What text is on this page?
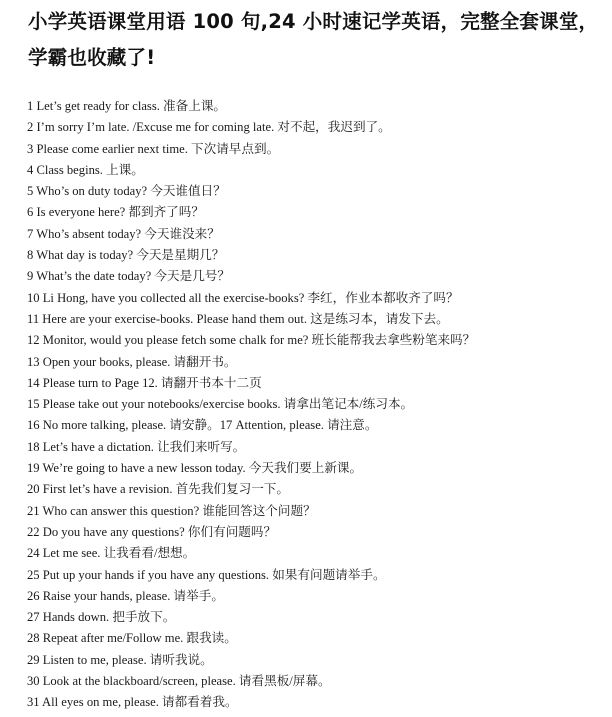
小学英语课堂用语 100 句,24 小时速记学英语，完整全套课堂，
学霸也收藏了!
1 Let’s get ready for class. 准备上课。
2 I’m sorry I’m late. /Excuse me for coming late. 对不起，我迟到了。
3 Please come earlier next time. 下次请早点到。
4 Class begins. 上课。
5 Who’s on duty today? 今天谁值日？
6 Is everyone here? 都到齐了吗？
7 Who’s absent today? 今天谁没来？
8 What day is today? 今天是星期几？
9 What’s the date today? 今天是几号？
10 Li Hong, have you collected all the exercise-books? 李红，作业本都收齐了吗？
11 Here are your exercise-books. Please hand them out. 这是练习本，请发下去。
12 Monitor, would you please fetch some chalk for me? 班长能帮我去拿些粉笔来吗？
13 Open your books, please. 请翻开书。
14 Please turn to Page 12. 请翻开书本十二页
15 Please take out your notebooks/exercise books. 请拿出笔记本/练习本。
16 No more talking, please. 请安静。17 Attention, please. 请注意。
18 Let’s have a dictation. 让我们来听写。
19 We’re going to have a new lesson today. 今天我们要上新课。
20 First let’s have a revision. 首先我们复习一下。
21 Who can answer this question? 谁能回答这个问题？
22 Do you have any questions? 你们有问题吗？
24 Let me see. 让我看看/想想。
25 Put up your hands if you have any questions. 如果有问题请举手。
26 Raise your hands, please. 请举手。
27 Hands down. 把手放下。
28 Repeat after me/Follow me. 跟我读。
29 Listen to me, please. 请听我说。
30 Look at the blackboard/screen, please. 请看黑板/屏幕。
31 All eyes on me, please. 请都看着我。
